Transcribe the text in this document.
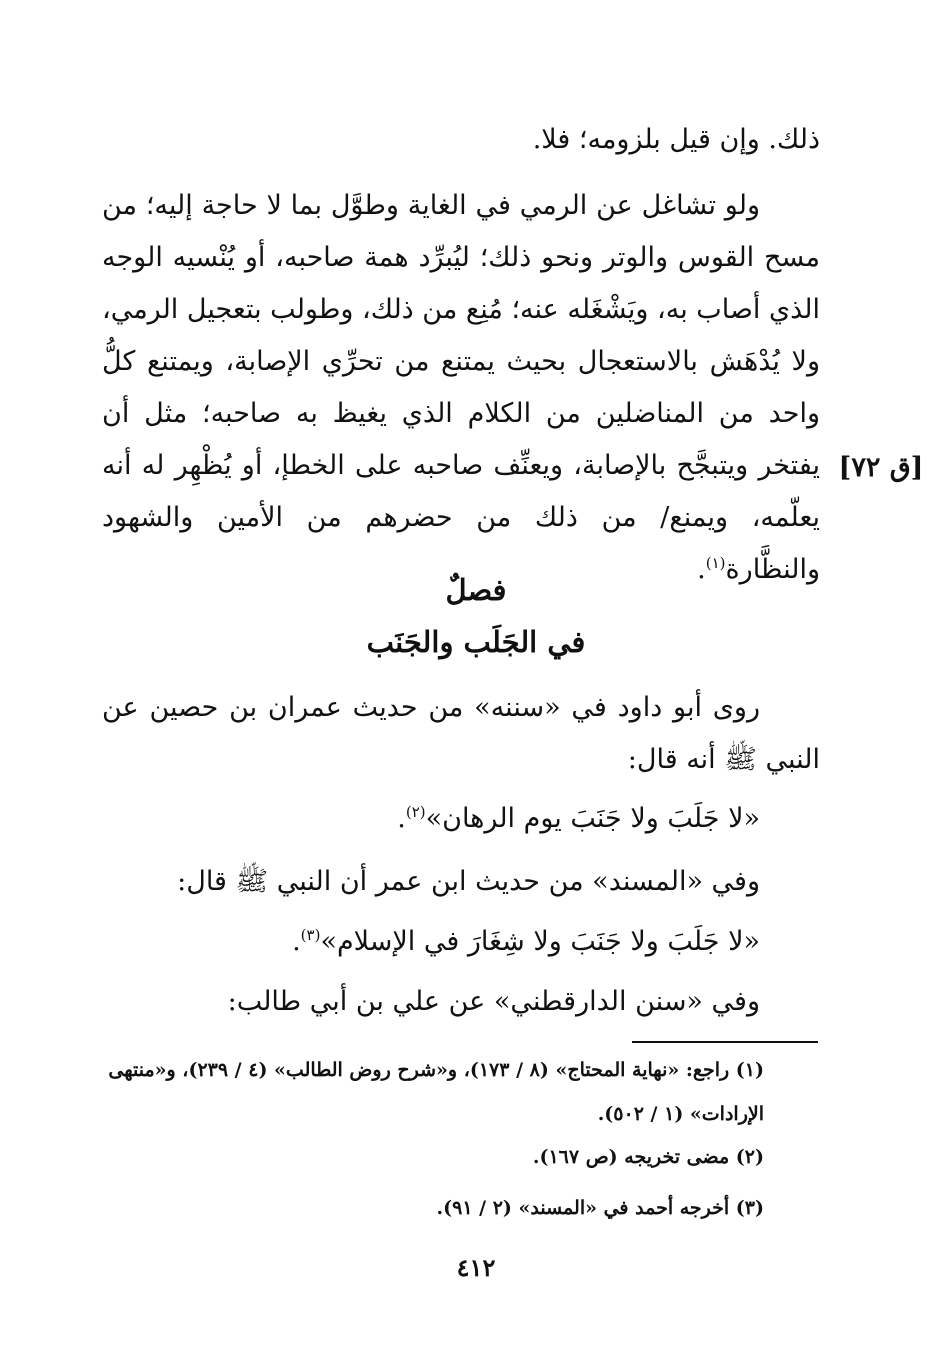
ذلك. وإن قيل بلزومه؛ فلا.
ولو تشاغل عن الرمي في الغاية وطوَّل بما لا حاجة إليه؛ من مسح القوس والوتر ونحو ذلك؛ ليُبرِّد همة صاحبه، أو يُنْسيه الوجه الذي أصاب به، ويَشْغَله عنه؛ مُنِع من ذلك، وطولب بتعجيل الرمي، ولا يُدْهَش بالاستعجال بحيث يمتنع من تحرِّي الإصابة، ويمتنع كلُّ واحد من المناضلين من الكلام الذي يغيظ به صاحبه؛ مثل أن يفتخر ويتبجَّح بالإصابة، ويعنِّف صاحبه على الخطإ، أو يُظْهِر له أنه يعلّمه، ويمنع/ من ذلك من حضرهم من الأمين والشهود والنظَّارة$^{(١)}$.
[ق ٧٢]
فصلٌ
في الجَلَب والجَنَب
روى أبو داود في «سننه» من حديث عمران بن حصين عن النبي ﷺ أنه قال:
«لا جَلَبَ ولا جَنَبَ يوم الرهان»$^{(٢)}$.
وفي «المسند» من حديث ابن عمر أن النبي ﷺ قال:
«لا جَلَبَ ولا جَنَبَ ولا شِغَارَ في الإسلام»$^{(٣)}$.
وفي «سنن الدارقطني» عن علي بن أبي طالب:
(١) راجع: «نهاية المحتاج» (٨ / ١٧٣)، و«شرح روض الطالب» (٤ / ٢٣٩)، و«منتهى الإرادات» (١ / ٥٠٢).
(٢) مضى تخريجه (ص ١٦٧).
(٣) أخرجه أحمد في «المسند» (٢ / ٩١).
٤١٢
